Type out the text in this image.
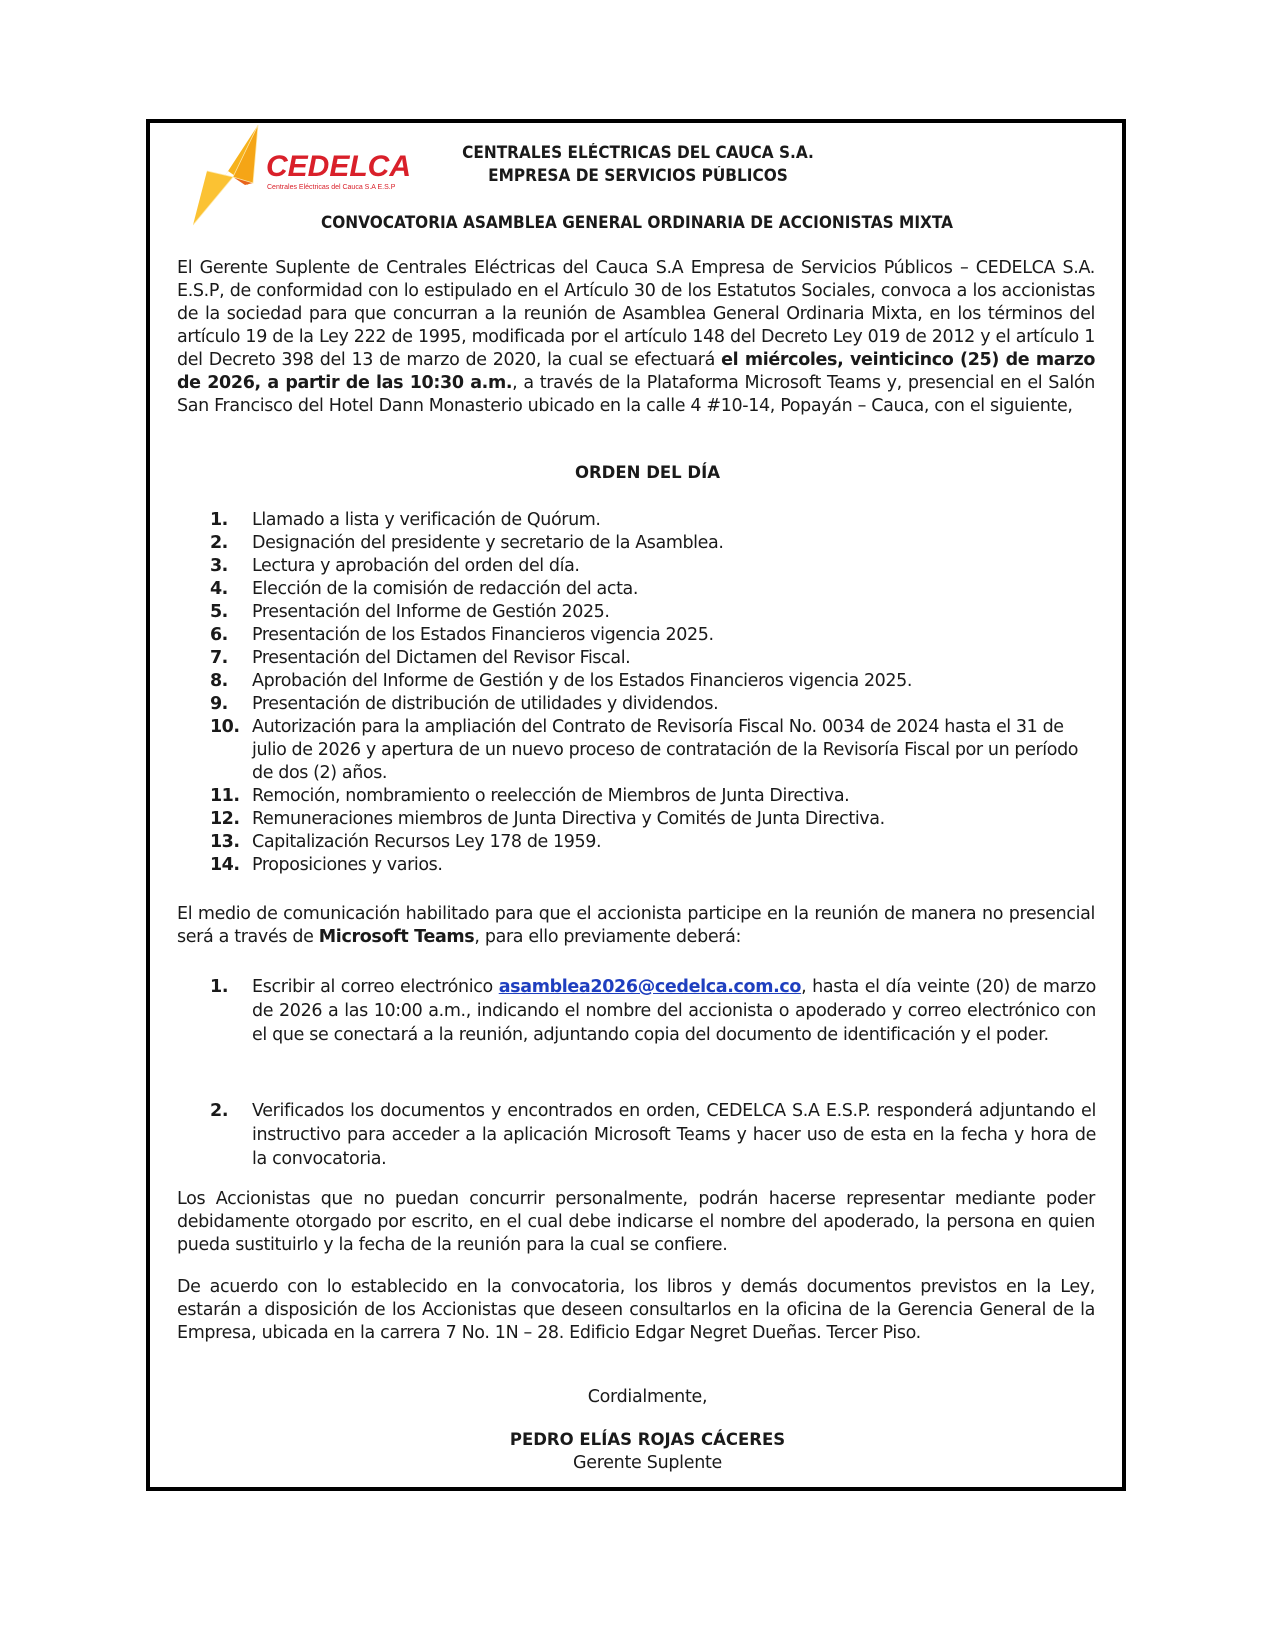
CEDELCA
Centrales Eléctricas del Cauca S.A E.S.P
CENTRALES ELÉCTRICAS DEL CAUCA S.A.
EMPRESA DE SERVICIOS PÚBLICOS
CONVOCATORIA ASAMBLEA GENERAL ORDINARIA DE ACCIONISTAS MIXTA
El Gerente Suplente de Centrales Eléctricas del Cauca S.A Empresa de Servicios Públicos – CEDELCA S.A. E.S.P, de conformidad con lo estipulado en el Artículo 30 de los Estatutos Sociales, convoca a los accionistas de la sociedad para que concurran a la reunión de Asamblea General Ordinaria Mixta, en los términos del artículo 19 de la Ley 222 de 1995, modificada por el artículo 148 del Decreto Ley 019 de 2012 y el artículo 1 del Decreto 398 del 13 de marzo de 2020, la cual se efectuará el miércoles, veinticinco (25) de marzo de 2026, a partir de las 10:30 a.m., a través de la Plataforma Microsoft Teams y, presencial en el Salón San Francisco del Hotel Dann Monasterio ubicado en la calle 4 #10-14, Popayán – Cauca, con el siguiente,
ORDEN DEL DÍA
1. Llamado a lista y verificación de Quórum.
2. Designación del presidente y secretario de la Asamblea.
3. Lectura y aprobación del orden del día.
4. Elección de la comisión de redacción del acta.
5. Presentación del Informe de Gestión 2025.
6. Presentación de los Estados Financieros vigencia 2025.
7. Presentación del Dictamen del Revisor Fiscal.
8. Aprobación del Informe de Gestión y de los Estados Financieros vigencia 2025.
9. Presentación de distribución de utilidades y dividendos.
10. Autorización para la ampliación del Contrato de Revisoría Fiscal No. 0034 de 2024 hasta el 31 de julio de 2026 y apertura de un nuevo proceso de contratación de la Revisoría Fiscal por un período de dos (2) años.
11. Remoción, nombramiento o reelección de Miembros de Junta Directiva.
12. Remuneraciones miembros de Junta Directiva y Comités de Junta Directiva.
13. Capitalización Recursos Ley 178 de 1959.
14. Proposiciones y varios.
El medio de comunicación habilitado para que el accionista participe en la reunión de manera no presencial será a través de Microsoft Teams, para ello previamente deberá:
1. Escribir al correo electrónico asamblea2026@cedelca.com.co, hasta el día veinte (20) de marzo de 2026 a las 10:00 a.m., indicando el nombre del accionista o apoderado y correo electrónico con el que se conectará a la reunión, adjuntando copia del documento de identificación y el poder.
2. Verificados los documentos y encontrados en orden, CEDELCA S.A E.S.P. responderá adjuntando el instructivo para acceder a la aplicación Microsoft Teams y hacer uso de esta en la fecha y hora de la convocatoria.
Los Accionistas que no puedan concurrir personalmente, podrán hacerse representar mediante poder debidamente otorgado por escrito, en el cual debe indicarse el nombre del apoderado, la persona en quien pueda sustituirlo y la fecha de la reunión para la cual se confiere.
De acuerdo con lo establecido en la convocatoria, los libros y demás documentos previstos en la Ley, estarán a disposición de los Accionistas que deseen consultarlos en la oficina de la Gerencia General de la Empresa, ubicada en la carrera 7 No. 1N – 28. Edificio Edgar Negret Dueñas. Tercer Piso.
Cordialmente,
PEDRO ELÍAS ROJAS CÁCERES
Gerente Suplente
